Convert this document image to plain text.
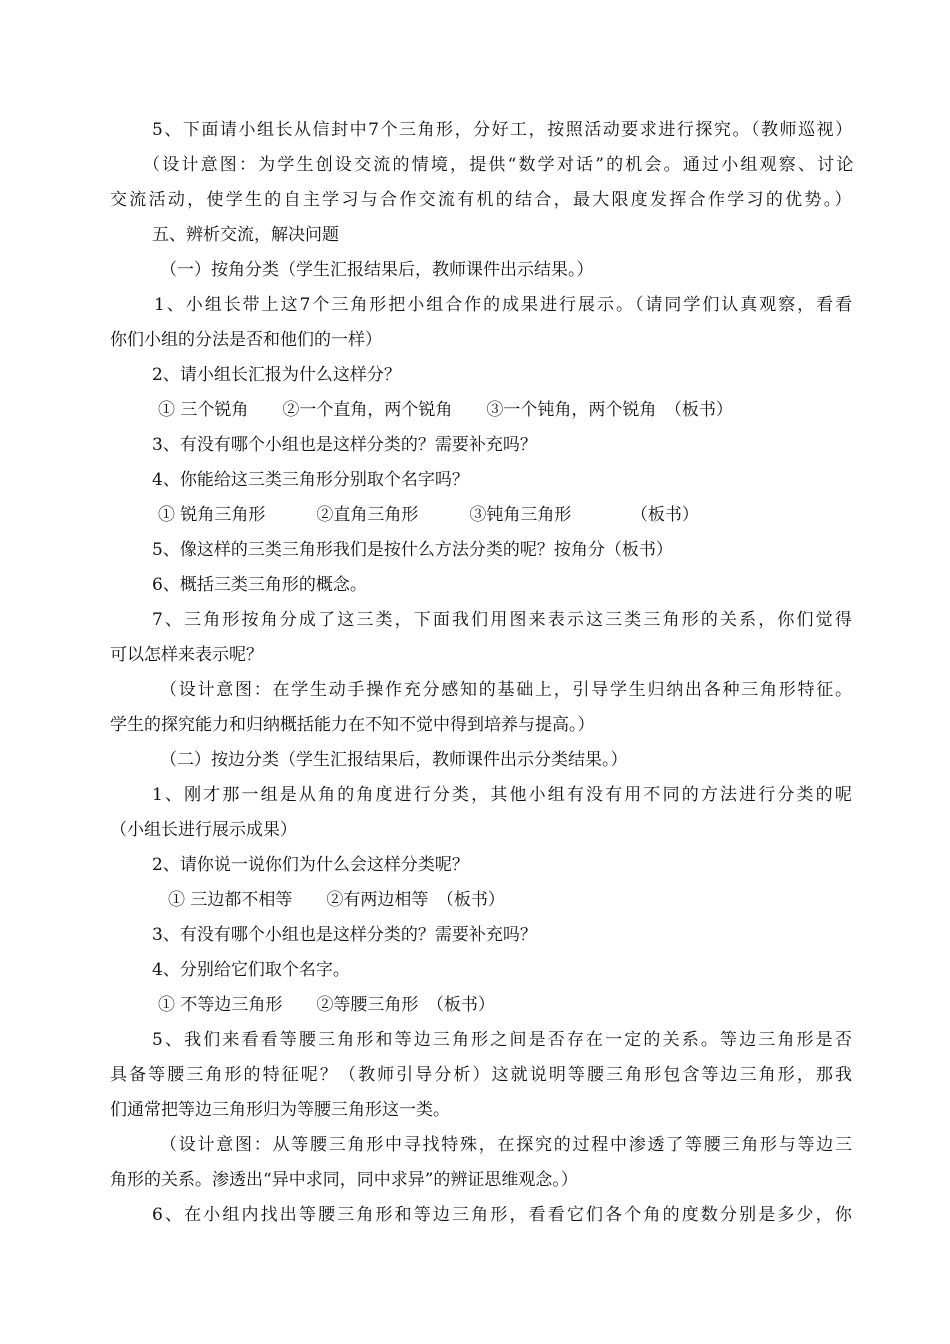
5、下面请小组长从信封中7个三角形，分好工，按照活动要求进行探究。（教师巡视）
（设计意图：为学生创设交流的情境，提供“数学对话”的机会。通过小组观察、讨论
交流活动，使学生的自主学习与合作交流有机的结合，最大限度发挥合作学习的优势。）
五、辨析交流，解决问题
（一）按角分类（学生汇报结果后，教师课件出示结果。）
1、小组长带上这7个三角形把小组合作的成果进行展示。（请同学们认真观察，看看
你们小组的分法是否和他们的一样）
2、请小组长汇报为什么这样分？
① 三个锐角　　②一个直角，两个锐角　　③一个钝角，两个锐角　（板书）
3、有没有哪个小组也是这样分类的？需要补充吗？
4、你能给这三类三角形分别取个名字吗？
① 锐角三角形　　　②直角三角形　　　③钝角三角形　　　　（板书）
5、像这样的三类三角形我们是按什么方法分类的呢？按角分（板书）
6、概括三类三角形的概念。
7、三角形按角分成了这三类，下面我们用图来表示这三类三角形的关系，你们觉得
可以怎样来表示呢？
（设计意图：在学生动手操作充分感知的基础上，引导学生归纳出各种三角形特征。
学生的探究能力和归纳概括能力在不知不觉中得到培养与提高。）
（二）按边分类（学生汇报结果后，教师课件出示分类结果。）
1、刚才那一组是从角的角度进行分类，其他小组有没有用不同的方法进行分类的呢
（小组长进行展示成果）
2、请你说一说你们为什么会这样分类呢？
① 三边都不相等　　②有两边相等　（板书）
3、有没有哪个小组也是这样分类的？需要补充吗？
4、分别给它们取个名字。
① 不等边三角形　　②等腰三角形　（板书）
5、我们来看看等腰三角形和等边三角形之间是否存在一定的关系。等边三角形是否
具备等腰三角形的特征呢？（教师引导分析）这就说明等腰三角形包含等边三角形，那我
们通常把等边三角形归为等腰三角形这一类。
（设计意图：从等腰三角形中寻找特殊，在探究的过程中渗透了等腰三角形与等边三
角形的关系。渗透出“异中求同，同中求异”的辨证思维观念。）
6、在小组内找出等腰三角形和等边三角形，看看它们各个角的度数分别是多少，你
